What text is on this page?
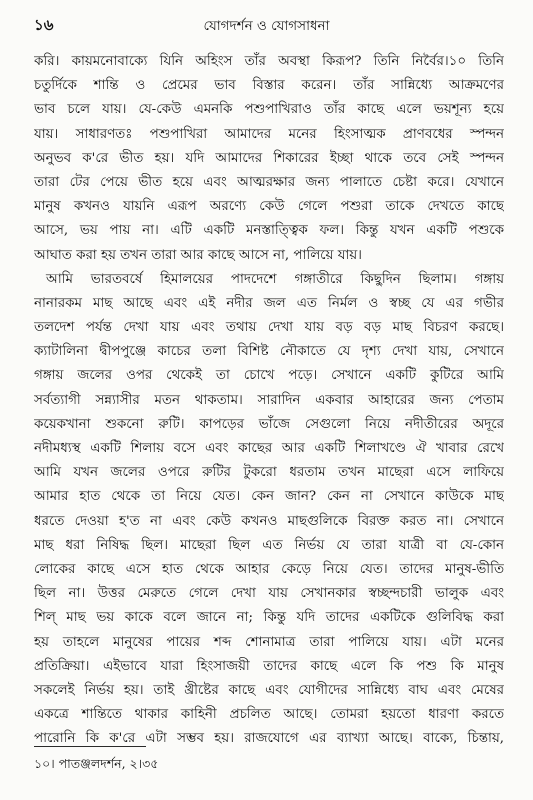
১৬	যোগদর্শন ও যোগসাধনা
করি। কায়মনোবাক্যে যিনি অহিংস তাঁর অবস্থা কিরূপ? তিনি নির্বৈর।১০ তিনি
চতুর্দিকে শান্তি ও প্রেমের ভাব বিস্তার করেন। তাঁর সান্নিধ্যে আক্রমণের
ভাব চলে যায়। যে-কেউ এমনকি পশুপাখিরাও তাঁর কাছে এলে ভয়শূন্য হয়ে
যায়। সাধারণতঃ পশুপাখিরা আমাদের মনের হিংসাত্মক প্রাণবধের স্পন্দন
অনুভব ক'রে ভীত হয়। যদি আমাদের শিকারের ইচ্ছা থাকে তবে সেই স্পন্দন
তারা টের পেয়ে ভীত হয়ে এবং আত্মরক্ষার জন্য পালাতে চেষ্টা করে। যেখানে
মানুষ কখনও যায়নি এরূপ অরণ্যে কেউ গেলে পশুরা তাকে দেখতে কাছে
আসে, ভয় পায় না। এটি একটি মনস্তাত্ত্বিক ফল। কিন্তু যখন একটি পশুকে
আঘাত করা হয় তখন তারা আর কাছে আসে না, পালিয়ে যায়।
আমি ভারতবর্ষে হিমালয়ের পাদদেশে গঙ্গাতীরে কিছুদিন ছিলাম। গঙ্গায়
নানারকম মাছ আছে এবং এই নদীর জল এত নির্মল ও স্বচ্ছ যে এর গভীর
তলদেশ পর্যন্ত দেখা যায় এবং তথায় দেখা যায় বড় বড় মাছ বিচরণ করছে।
ক্যাটালিনা দ্বীপপুঞ্জে কাচের তলা বিশিষ্ট নৌকাতে যে দৃশ্য দেখা যায়, সেখানে
গঙ্গায় জলের ওপর থেকেই তা চোখে পড়ে। সেখানে একটি কুটিরে আমি
সর্বত্যাগী সন্ন্যাসীর মতন থাকতাম। সারাদিন একবার আহারের জন্য পেতাম
কয়েকখানা শুকনো রুটি। কাপড়ের ভাঁজে সেগুলো নিয়ে নদীতীরের অদূরে
নদীমধ্যস্থ একটি শিলায় বসে এবং কাছের আর একটি শিলাখণ্ডে ঐ খাবার রেখে
আমি যখন জলের ওপরে রুটির টুকরো ধরতাম তখন মাছেরা এসে লাফিয়ে
আমার হাত থেকে তা নিয়ে যেত। কেন জান? কেন না সেখানে কাউকে মাছ
ধরতে দেওয়া হ'ত না এবং কেউ কখনও মাছগুলিকে বিরক্ত করত না। সেখানে
মাছ ধরা নিষিদ্ধ ছিল। মাছেরা ছিল এত নির্ভয় যে তারা যাত্রী বা যে-কোন
লোকের কাছে এসে হাত থেকে আহার কেড়ে নিয়ে যেত। তাদের মানুষ-ভীতি
ছিল না। উত্তর মেরুতে গেলে দেখা যায় সেখানকার স্বচ্ছন্দচারী ভালুক এবং
শিল্ মাছ ভয় কাকে বলে জানে না; কিন্তু যদি তাদের একটিকে গুলিবিদ্ধ করা
হয় তাহলে মানুষের পায়ের শব্দ শোনামাত্র তারা পালিয়ে যায়। এটা মনের
প্রতিক্রিয়া। এইভাবে যারা হিংসাজয়ী তাদের কাছে এলে কি পশু কি মানুষ
সকলেই নির্ভয় হয়। তাই খ্রীষ্টের কাছে এবং যোগীদের সান্নিধ্যে বাঘ এবং মেষের
একত্রে শান্তিতে থাকার কাহিনী প্রচলিত আছে। তোমরা হয়তো ধারণা করতে
পারোনি কি ক'রে এটা সম্ভব হয়। রাজযোগে এর ব্যাখ্যা আছে। বাক্যে, চিন্তায়,
১০। পাতঞ্জলদর্শন, ২।৩৫
